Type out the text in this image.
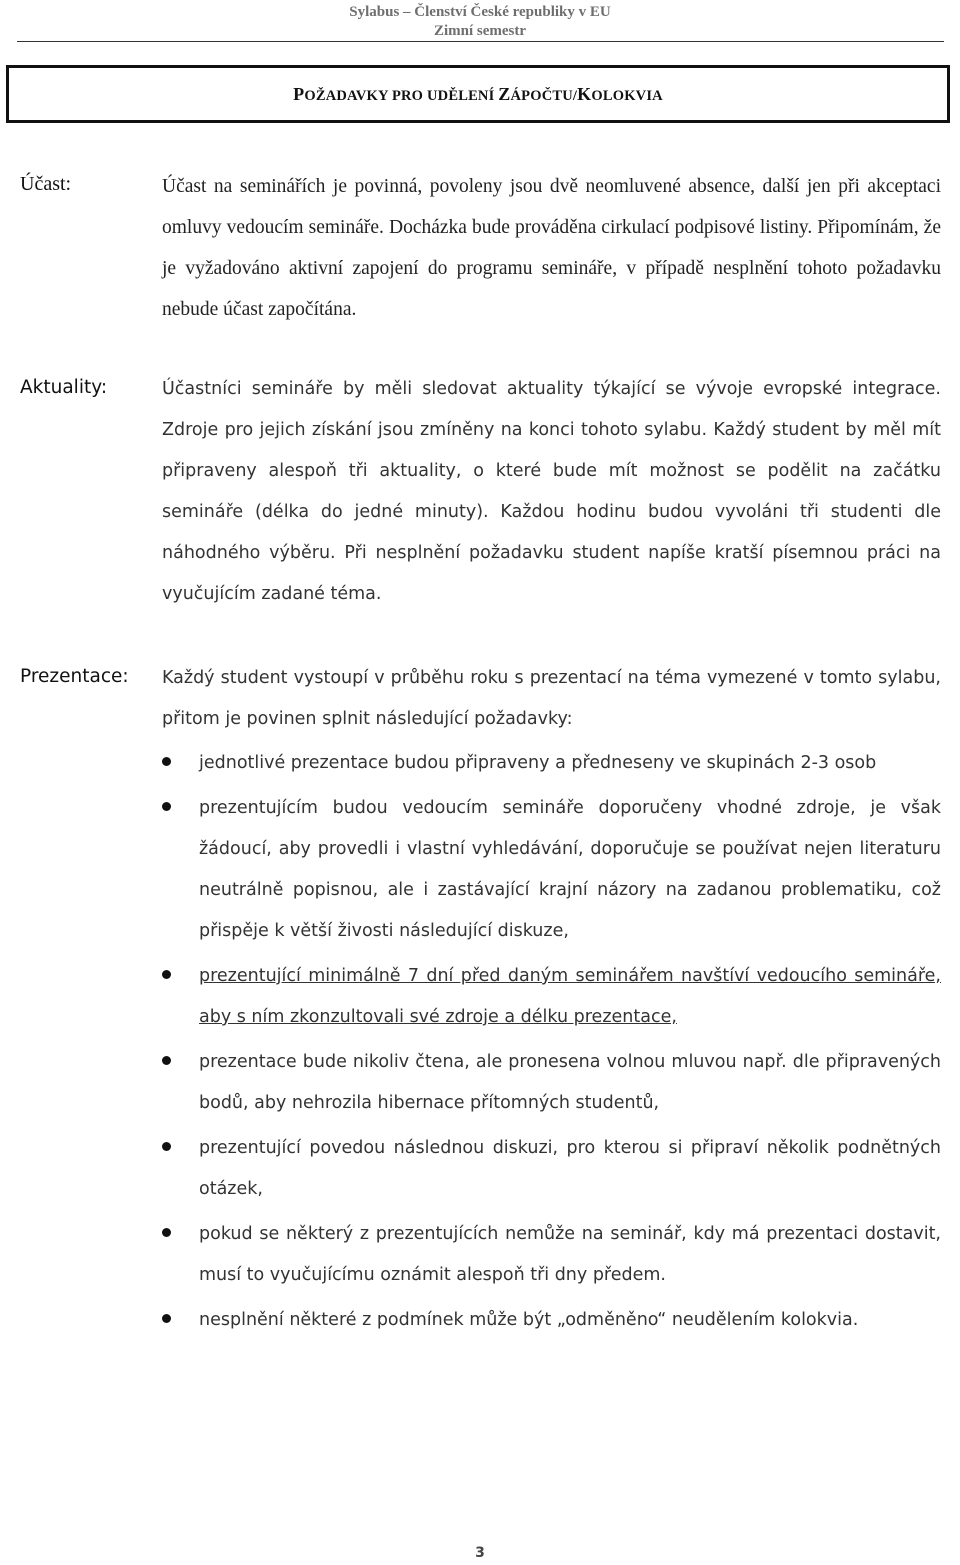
Sylabus – Členství České republiky v EU
Zimní semestr
POŽADAVKY PRO UDĚLENÍ ZÁPOČTU/KOLOKVIA
Účast:	Účast na seminářích je povinná, povoleny jsou dvě neomluvené absence, další jen při akceptaci omluvy vedoucím semináře. Docházka bude prováděna cirkulací podpisové listiny. Připomínám, že je vyžadováno aktivní zapojení do programu semináře, v případě nesplnění tohoto požadavku nebude účast započítána.
Aktuality:	Účastníci semináře by měli sledovat aktuality týkající se vývoje evropské integrace. Zdroje pro jejich získání jsou zmíněny na konci tohoto sylabu. Každý student by měl mít připraveny alespoň tři aktuality, o které bude mít možnost se podělit na začátku semináře (délka do jedné minuty). Každou hodinu budou vyvoláni tři studenti dle náhodného výběru. Při nesplnění požadavku student napíše kratší písemnou práci na vyučujícím zadané téma.
Prezentace: Každý student vystoupí v průběhu roku s prezentací na téma vymezené v tomto sylabu, přitom je povinen splnit následující požadavky:
jednotlivé prezentace budou připraveny a předneseny ve skupinách 2-3 osob
prezentujícím budou vedoucím semináře doporučeny vhodné zdroje, je však žádoucí, aby provedli i vlastní vyhledávání, doporučuje se používat nejen literaturu neutrálně popisnou, ale i zastávající krajní názory na zadanou problematiku, což přispěje k větší živosti následující diskuze,
prezentující minimálně 7 dní před daným seminářem navštíví vedoucího semináře, aby s ním zkonzultovali své zdroje a délku prezentace,
prezentace bude nikoliv čtena, ale pronesena volnou mluvou např. dle připravených bodů, aby nehrozila hibernace přítomných studentů,
prezentující povedou následnou diskuzi, pro kterou si připraví několik podnětných otázek,
pokud se některý z prezentujících nemůže na seminář, kdy má prezentaci dostavit, musí to vyučujícímu oznámit alespoň tři dny předem.
nesplnění některé z podmínek může být „odměněno“ neudělením kolokvia.
3
